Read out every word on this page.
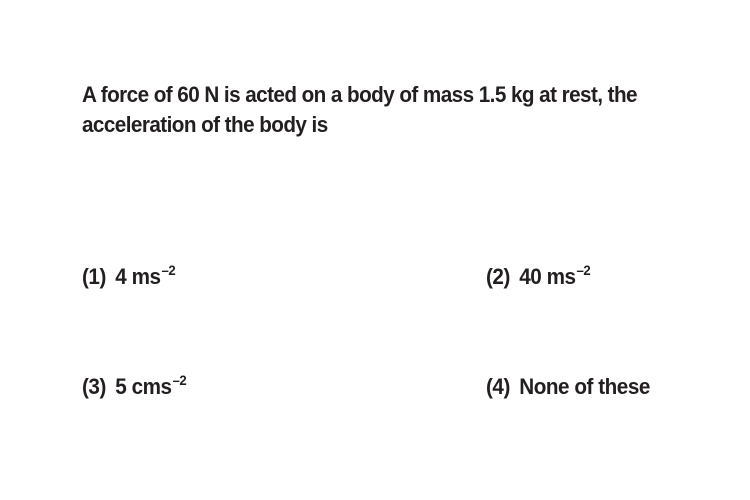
A force of 60 N is acted on a body of mass 1.5 kg at rest, the
acceleration of the body is
(1) 4 $ms^{-2}$	(2) 40 $ms^{-2}$
(3) 5 cms$^{-2}$	(4) None of these
